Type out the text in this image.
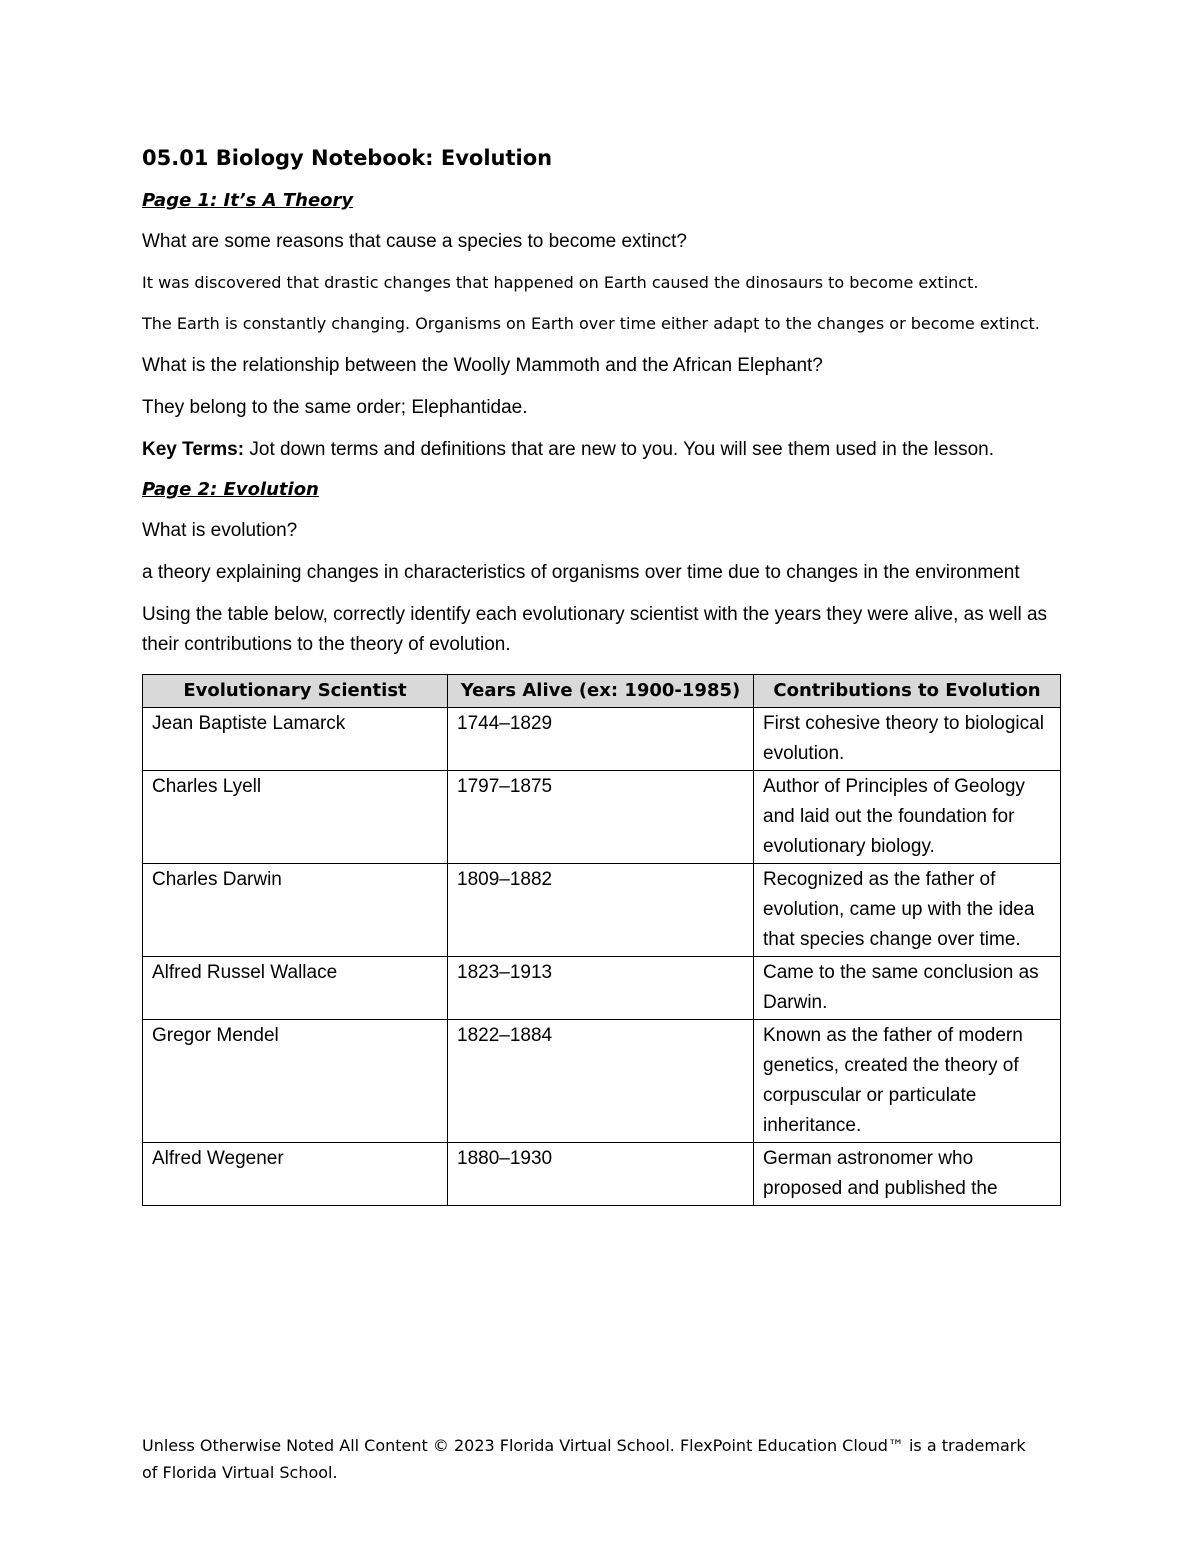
05.01 Biology Notebook: Evolution
Page 1: It’s A Theory
What are some reasons that cause a species to become extinct?
It was discovered that drastic changes that happened on Earth caused the dinosaurs to become extinct.
The Earth is constantly changing. Organisms on Earth over time either adapt to the changes or become extinct.
What is the relationship between the Woolly Mammoth and the African Elephant?
They belong to the same order; Elephantidae.
Key Terms: Jot down terms and definitions that are new to you. You will see them used in the lesson.
Page 2: Evolution
What is evolution?
a theory explaining changes in characteristics of organisms over time due to changes in the environment
Using the table below, correctly identify each evolutionary scientist with the years they were alive, as well as their contributions to the theory of evolution.
Evolutionary Scientist	Years Alive (ex: 1900-1985)	Contributions to Evolution
Jean Baptiste Lamarck	1744–1829	First cohesive theory to biological evolution.
Charles Lyell	1797–1875	Author of Principles of Geology and laid out the foundation for evolutionary biology.
Charles Darwin	1809–1882	Recognized as the father of evolution, came up with the idea that species change over time.
Alfred Russel Wallace	1823–1913	Came to the same conclusion as Darwin.
Gregor Mendel	1822–1884	Known as the father of modern genetics, created the theory of corpuscular or particulate inheritance.
Alfred Wegener	1880–1930	German astronomer who proposed and published the
Unless Otherwise Noted All Content © 2023 Florida Virtual School. FlexPoint Education Cloud™ is a trademark of Florida Virtual School.
